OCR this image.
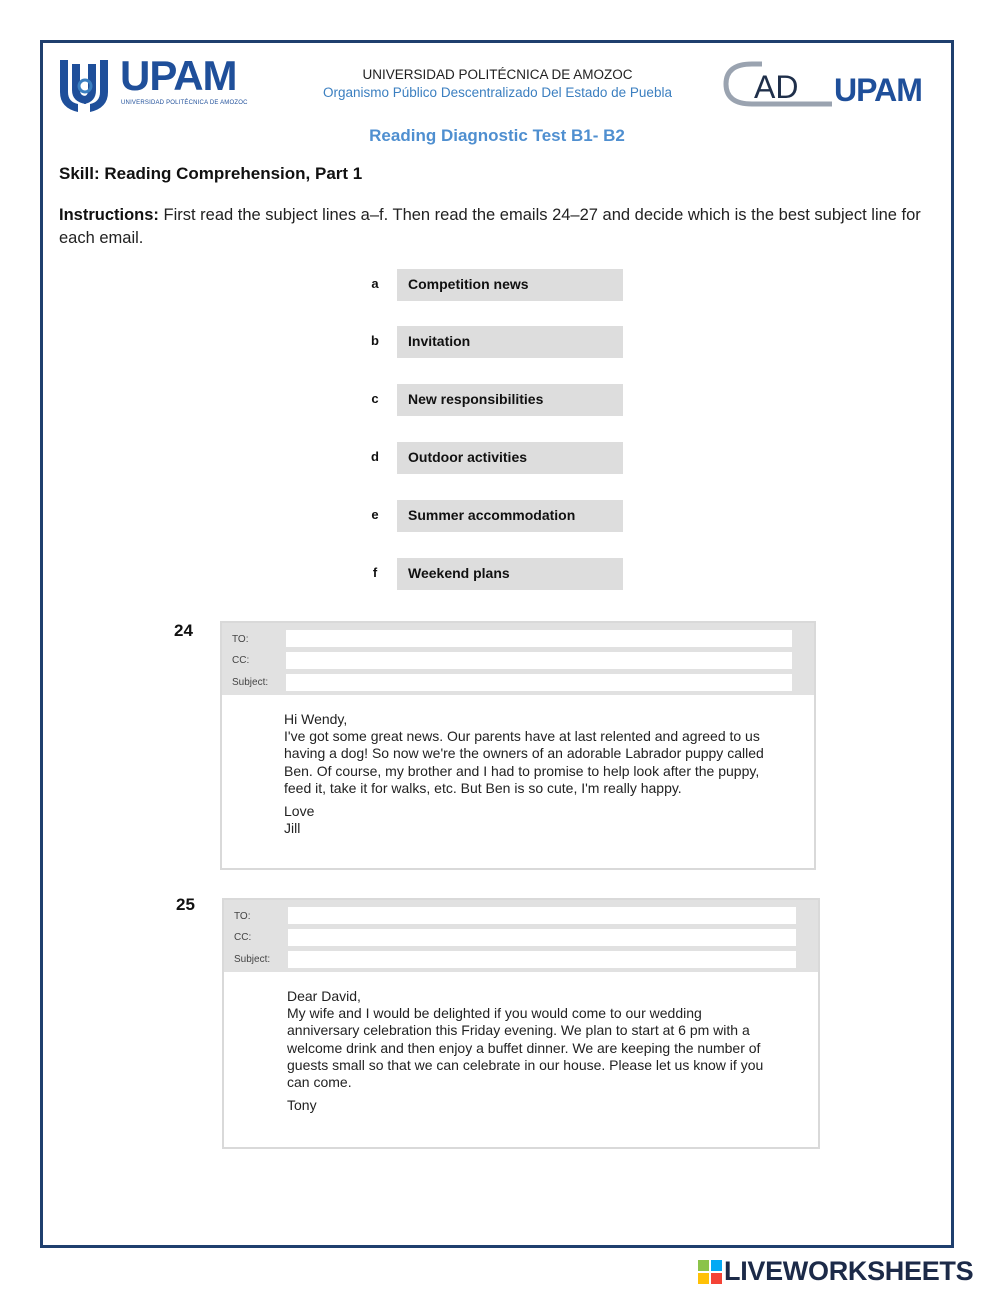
UPAM
UNIVERSIDAD POLITÉCNICA DE AMOZOC
UNIVERSIDAD POLITÉCNICA DE AMOZOC
Organismo Público Descentralizado Del Estado de Puebla	AD UPAM
Reading Diagnostic Test B1- B2
Skill: Reading Comprehension, Part 1
Instructions: First read the subject lines a–f. Then read the emails 24–27 and decide which is the best subject line for each email.
a	Competition news
b	Invitation
c	New responsibilities
d	Outdoor activities
e	Summer accommodation
f	Weekend plans
24	TO:
CC:
Subject:
Hi Wendy,
I've got some great news. Our parents have at last relented and agreed to us having a dog! So now we're the owners of an adorable Labrador puppy called Ben. Of course, my brother and I had to promise to help look after the puppy, feed it, take it for walks, etc. But Ben is so cute, I'm really happy.
Love
Jill
25
TO:
CC:
Subject:
Dear David,
My wife and I would be delighted if you would come to our wedding anniversary celebration this Friday evening. We plan to start at 6 pm with a welcome drink and then enjoy a buffet dinner. We are keeping the number of guests small so that we can celebrate in our house. Please let us know if you can come.
Tony
LIVEWORKSHEETS
